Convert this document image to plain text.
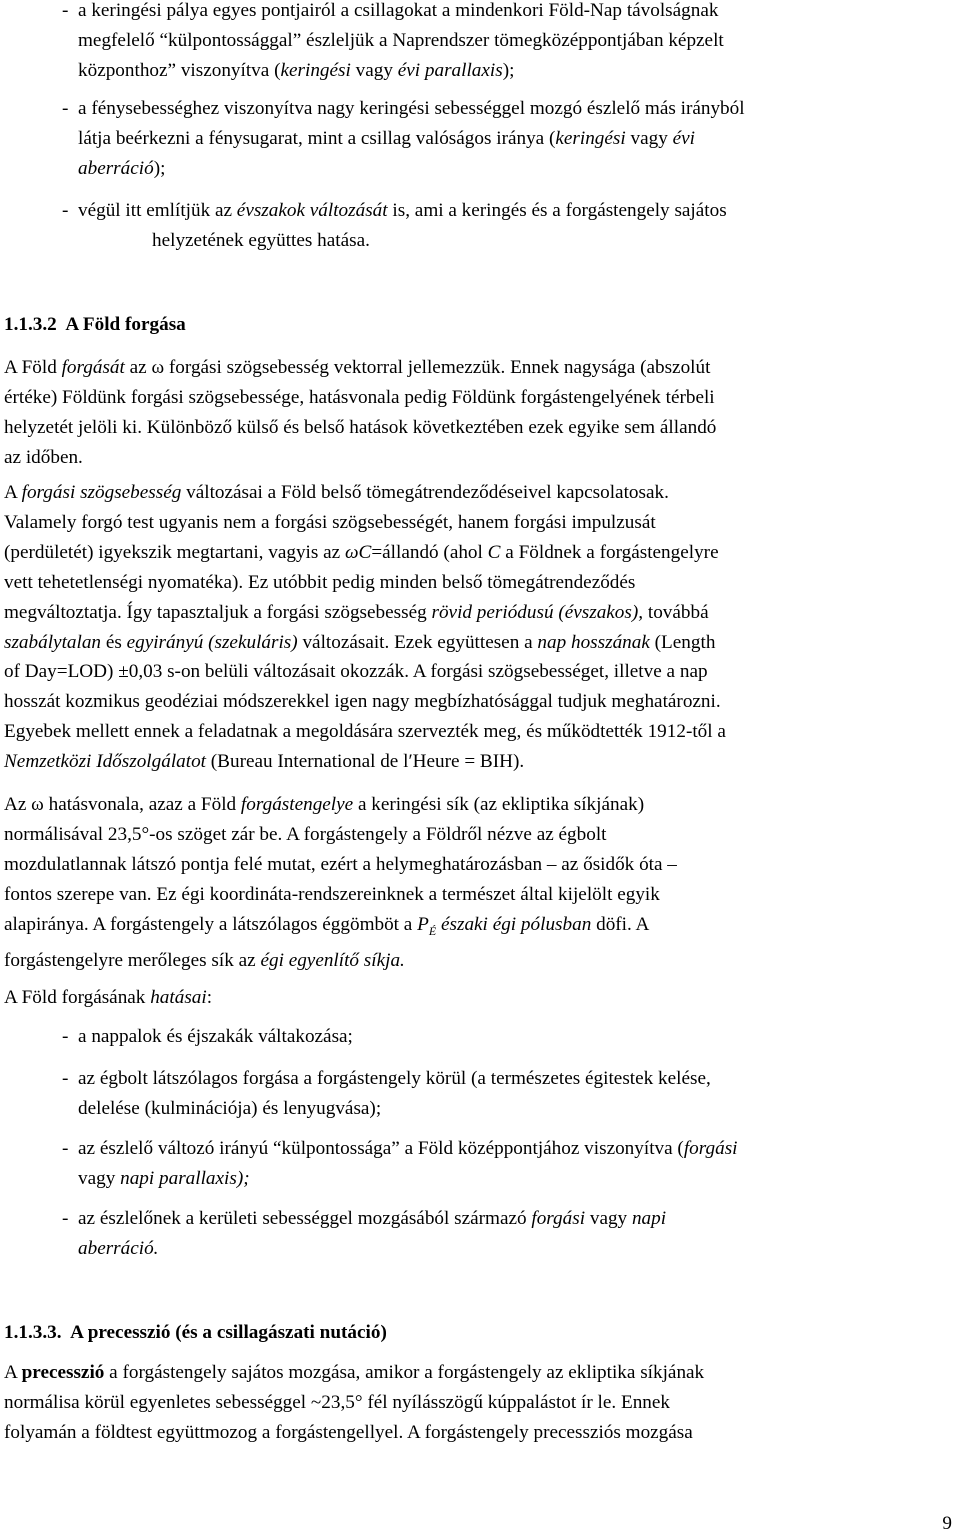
- a keringési pálya egyes pontjairól a csillagokat a mindenkori Föld-Nap távolságnak
megfelelő “külpontossággal” észleljük a Naprendszer tömegközéppontjában képzelt
központhoz” viszonyítva (keringési vagy évi parallaxis);
- a fénysebességhez viszonyítva nagy keringési sebességgel mozgó észlelő más irányból
látja beérkezni a fénysugarat, mint a csillag valóságos iránya (keringési vagy évi
aberráció);
- végül itt említjük az évszakok változását is, ami a keringés és a forgástengely sajátos
helyzetének együttes hatása.
1.1.3.2 A Föld forgása
A Föld forgását az ω forgási szögsebesség vektorral jellemezzük. Ennek nagysága (abszolút
értéke) Földünk forgási szögsebessége, hatásvonala pedig Földünk forgástengelyének térbeli
helyzetét jelöli ki. Különböző külső és belső hatások következtében ezek egyike sem állandó
az időben.
A forgási szögsebesség változásai a Föld belső tömegátrendeződéseivel kapcsolatosak.
Valamely forgó test ugyanis nem a forgási szögsebességét, hanem forgási impulzusát
(perdületét) igyekszik megtartani, vagyis az ωC=állandó (ahol C a Földnek a forgástengelyre
vett tehetetlenségi nyomatéka). Ez utóbbit pedig minden belső tömegátrendeződés
megváltoztatja. Így tapasztaljuk a forgási szögsebesség rövid periódusú (évszakos), továbbá
szabálytalan és egyirányú (szekuláris) változásait. Ezek együttesen a nap hosszának (Length
of Day=LOD) ±0,03 s-on belüli változásait okozzák. A forgási szögsebességet, illetve a nap
hosszát kozmikus geodéziai módszerekkel igen nagy megbízhatósággal tudjuk meghatározni.
Egyebek mellett ennek a feladatnak a megoldására szervezték meg, és működtették 1912-től a
Nemzetközi Időszolgálatot (Bureau International de l′Heure = BIH).
Az ω hatásvonala, azaz a Föld forgástengelye a keringési sík (az ekliptika síkjának)
normálisával 23,5°-os szöget zár be. A forgástengely a Földről nézve az égbolt
mozdulatlannak látszó pontja felé mutat, ezért a helymeghatározásban – az ősidők óta –
fontos szerepe van. Ez égi koordináta-rendszereinknek a természet által kijelölt egyik
alapiránya. A forgástengely a látszólagos éggömböt a $P_É$ északi égi pólusban döfi. A
forgástengelyre merőleges sík az égi egyenlítő síkja.
A Föld forgásának hatásai:
- a nappalok és éjszakák váltakozása;
- az égbolt látszólagos forgása a forgástengely körül (a természetes égitestek kelése,
delelése (kulminációja) és lenyugvása);
- az észlelő változó irányú “külpontossága” a Föld középpontjához viszonyítva (forgási
vagy napi parallaxis);
- az észlelőnek a kerületi sebességgel mozgásából származó forgási vagy napi
aberráció.
1.1.3.3. A precesszió (és a csillagászati nutáció)
A precesszió a forgástengely sajátos mozgása, amikor a forgástengely az ekliptika síkjának
normálisa körül egyenletes sebességgel ~23,5° fél nyílásszögű kúppalástot ír le. Ennek
folyamán a földtest együttmozog a forgástengellyel. A forgástengely precessziós mozgása
9
